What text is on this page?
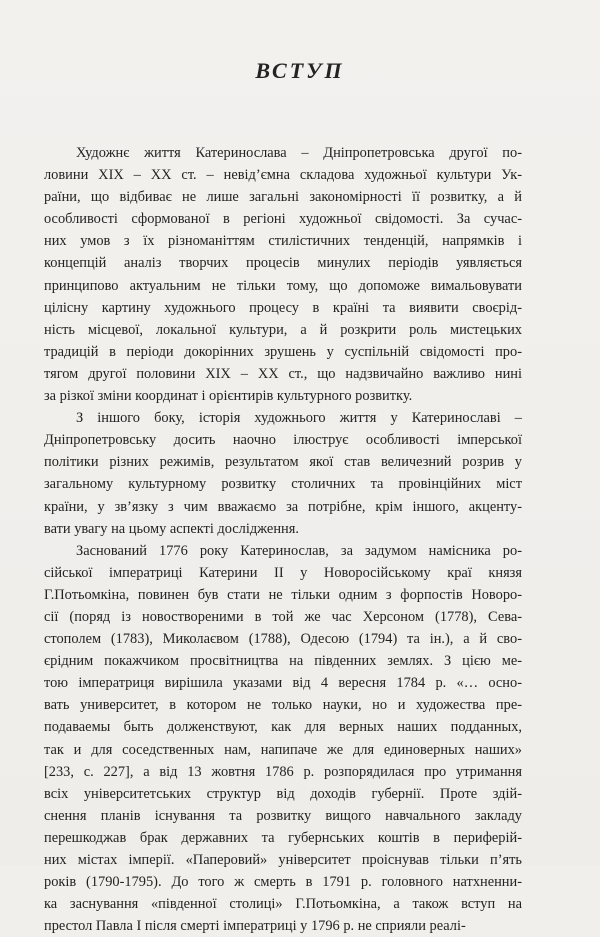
ВСТУП
Художнє життя Катеринослава – Дніпропетровська другої по-
ловини XIX – XX ст. – невід’ємна складова художньої культури Ук-
раїни, що відбиває не лише загальні закономірності її розвитку, а й
особливості сформованої в регіоні художньої свідомості. За сучас-
них умов з їх різноманіттям стилістичних тенденцій, напрямків і
концепцій аналіз творчих процесів минулих періодів уявляється
принципово актуальним не тільки тому, що допоможе вимальовувати
цілісну картину художнього процесу в країні та виявити своєрід-
ність місцевої, локальної культури, а й розкрити роль мистецьких
традицій в періоди докорінних зрушень у суспільній свідомості про-
тягом другої половини XIX – XX ст., що надзвичайно важливо нині
за різкої зміни координат і орієнтирів культурного розвитку.
З іншого боку, історія художнього життя у Катеринославі –
Дніпропетровську досить наочно ілюструє особливості імперської
політики різних режимів, результатом якої став величезний розрив у
загальному культурному розвитку столичних та провінційних міст
країни, у зв’язку з чим вважаємо за потрібне, крім іншого, акценту-
вати увагу на цьому аспекті дослідження.
Заснований 1776 року Катеринослав, за задумом намісника ро-
сійської імператриці Катерини II у Новоросійському краї князя
Г.Потьомкіна, повинен був стати не тільки одним з форпостів Новоро-
сії (поряд із новоствореними в той же час Херсоном (1778), Сева-
стополем (1783), Миколаєвом (1788), Одесою (1794) та ін.), а й сво-
єрідним покажчиком просвітництва на південних землях. З цією ме-
тою імператриця вирішила указами від 4 вересня 1784 р. «… осно-
вать университет, в котором не только науки, но и художества пре-
подаваемы быть долженствуют, как для верных наших подданных,
так и для соседственных нам, напипаче же для единоверных наших»
[233, с. 227], а від 13 жовтня 1786 р. розпорядилася про утримання
всіх університетських структур від доходів губернії. Проте здій-
снення планів існування та розвитку вищого навчального закладу
перешкоджав брак державних та губернських коштів в периферій-
них містах імперії. «Паперовий» університет проіснував тільки п’ять
років (1790-1795). До того ж смерть в 1791 р. головного натхненни-
ка заснування «південної столиці» Г.Потьомкіна, а також вступ на
престол Павла I після смерті імператриці у 1796 р. не сприяли реалі-
